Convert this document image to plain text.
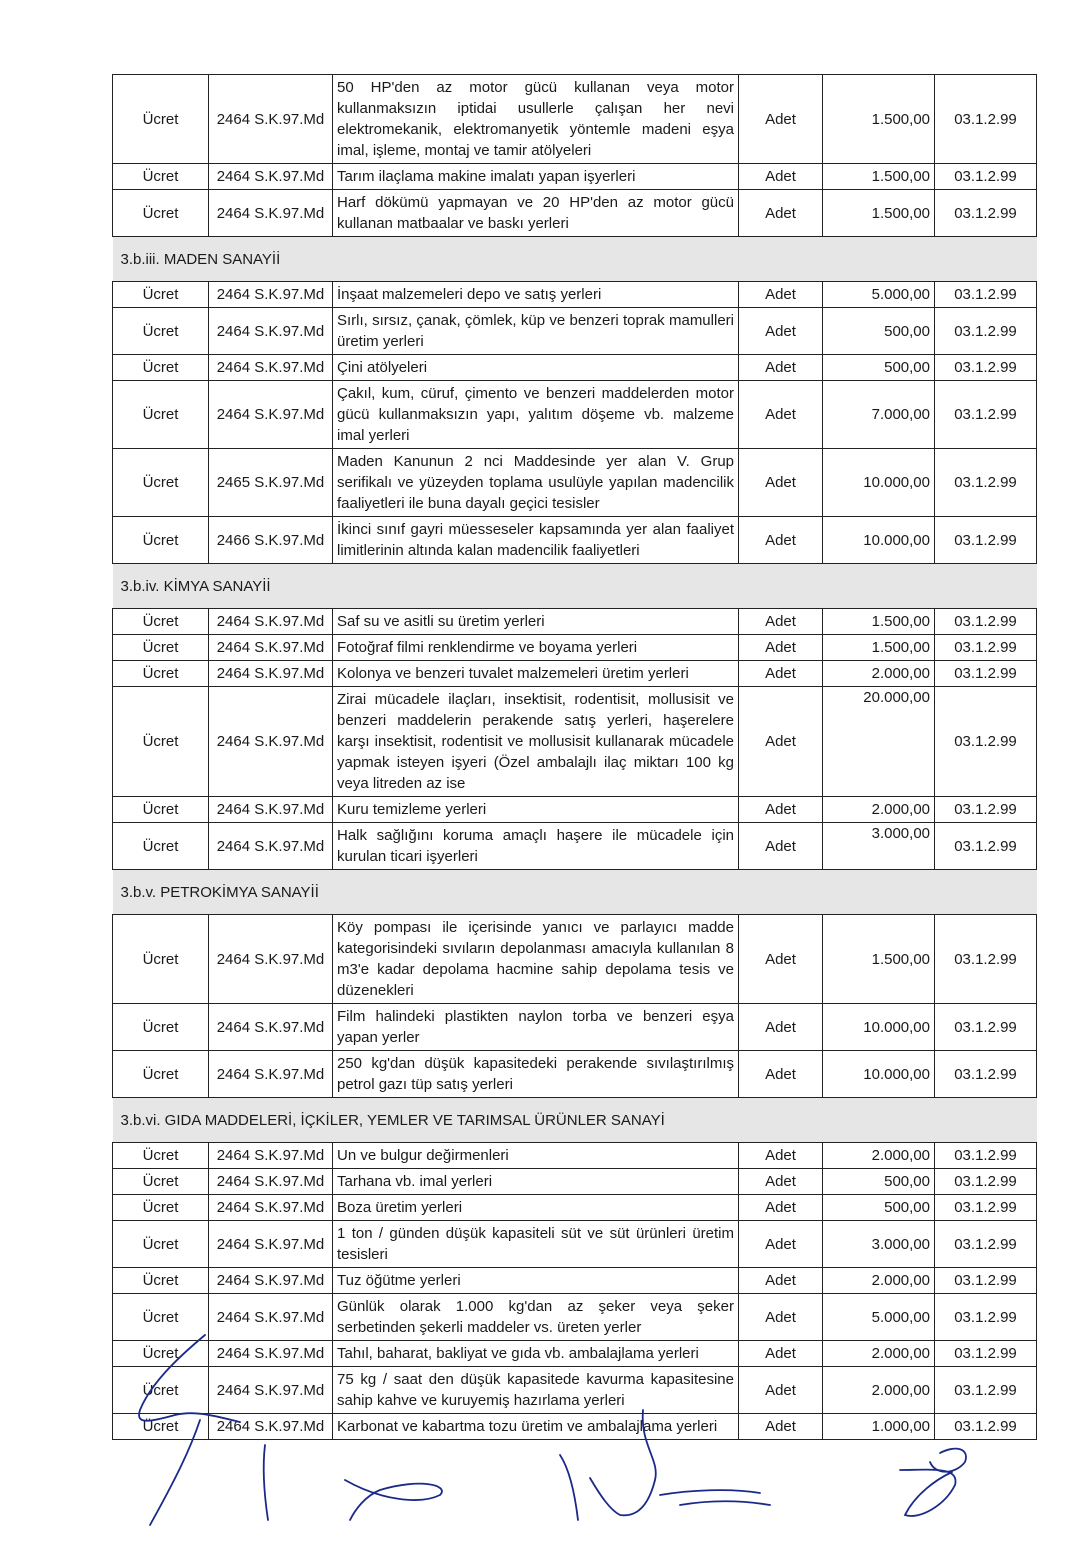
Ücret	2464 S.K.97.Md	50 HP'den az motor gücü kullanan veya motor kullanmaksızın iptidai usullerle çalışan her nevi elektromekanik, elektromanyetik yöntemle madeni eşya imal, işleme, montaj ve tamir atölyeleri	Adet	1.500,00	03.1.2.99
Ücret	2464 S.K.97.Md	Tarım ilaçlama makine imalatı yapan işyerleri	Adet	1.500,00	03.1.2.99
Ücret	2464 S.K.97.Md	Harf dökümü yapmayan ve 20 HP'den az motor gücü kullanan matbaalar ve baskı yerleri	Adet	1.500,00	03.1.2.99
3.b.iii. MADEN SANAYİİ					
Ücret	2464 S.K.97.Md	İnşaat malzemeleri depo ve satış yerleri	Adet	5.000,00	03.1.2.99
Ücret	2464 S.K.97.Md	Sırlı, sırsız, çanak, çömlek, küp ve benzeri toprak mamulleri üretim yerleri	Adet	500,00	03.1.2.99
Ücret	2464 S.K.97.Md	Çini atölyeleri	Adet	500,00	03.1.2.99
Ücret	2464 S.K.97.Md	Çakıl, kum, cüruf, çimento ve benzeri maddelerden motor gücü kullanmaksızın yapı, yalıtım döşeme vb. malzeme imal yerleri	Adet	7.000,00	03.1.2.99
Ücret	2465 S.K.97.Md	Maden Kanunun 2 nci Maddesinde yer alan V. Grup serifikalı ve yüzeyden toplama usulüyle yapılan madencilik faaliyetleri ile buna dayalı geçici tesisler	Adet	10.000,00	03.1.2.99
Ücret	2466 S.K.97.Md	İkinci sınıf gayri müesseseler kapsamında yer alan faaliyet limitlerinin altında kalan madencilik faaliyetleri	Adet	10.000,00	03.1.2.99
3.b.iv. KİMYA SANAYİİ					
Ücret	2464 S.K.97.Md	Saf su ve asitli su üretim yerleri	Adet	1.500,00	03.1.2.99
Ücret	2464 S.K.97.Md	Fotoğraf filmi renklendirme ve boyama yerleri	Adet	1.500,00	03.1.2.99
Ücret	2464 S.K.97.Md	Kolonya ve benzeri tuvalet malzemeleri üretim yerleri	Adet	2.000,00	03.1.2.99
Ücret	2464 S.K.97.Md	Zirai mücadele ilaçları, insektisit, rodentisit, mollusisit ve benzeri maddelerin perakende satış yerleri, haşerelere karşı insektisit, rodentisit ve mollusisit kullanarak mücadele yapmak isteyen işyeri (Özel ambalajlı ilaç miktarı 100 kg veya litreden az ise	Adet	20.000,00	03.1.2.99
Ücret	2464 S.K.97.Md	Kuru temizleme yerleri	Adet	2.000,00	03.1.2.99
Ücret	2464 S.K.97.Md	Halk sağlığını koruma amaçlı haşere ile mücadele için kurulan ticari işyerleri	Adet	3.000,00	03.1.2.99
3.b.v. PETROKİMYA SANAYİİ					
Ücret	2464 S.K.97.Md	Köy pompası ile içerisinde yanıcı ve parlayıcı madde kategorisindeki sıvıların depolanması amacıyla kullanılan 8 m3'e kadar depolama hacmine sahip depolama tesis ve düzenekleri	Adet	1.500,00	03.1.2.99
Ücret	2464 S.K.97.Md	Film halindeki plastikten naylon torba ve benzeri eşya yapan yerler	Adet	10.000,00	03.1.2.99
Ücret	2464 S.K.97.Md	250 kg'dan düşük kapasitedeki perakende sıvılaştırılmış petrol gazı tüp satış yerleri	Adet	10.000,00	03.1.2.99
3.b.vi. GIDA MADDELERİ, İÇKİLER, YEMLER VE TARIMSAL ÜRÜNLER SANAYİ					
Ücret	2464 S.K.97.Md	Un ve bulgur değirmenleri	Adet	2.000,00	03.1.2.99
Ücret	2464 S.K.97.Md	Tarhana vb. imal yerleri	Adet	500,00	03.1.2.99
Ücret	2464 S.K.97.Md	Boza üretim yerleri	Adet	500,00	03.1.2.99
Ücret	2464 S.K.97.Md	1 ton / günden düşük kapasiteli süt ve süt ürünleri üretim tesisleri	Adet	3.000,00	03.1.2.99
Ücret	2464 S.K.97.Md	Tuz öğütme yerleri	Adet	2.000,00	03.1.2.99
Ücret	2464 S.K.97.Md	Günlük olarak 1.000 kg'dan az şeker veya şeker serbetinden şekerli maddeler vs. üreten yerler	Adet	5.000,00	03.1.2.99
Ücret	2464 S.K.97.Md	Tahıl, baharat, bakliyat ve gıda vb. ambalajlama yerleri	Adet	2.000,00	03.1.2.99
Ücret	2464 S.K.97.Md	75 kg / saat den düşük kapasitede kavurma kapasitesine sahip kahve ve kuruyemiş hazırlama yerleri	Adet	2.000,00	03.1.2.99
Ücret	2464 S.K.97.Md	Karbonat ve kabartma tozu üretim ve ambalajlama yerleri	Adet	1.000,00	03.1.2.99
